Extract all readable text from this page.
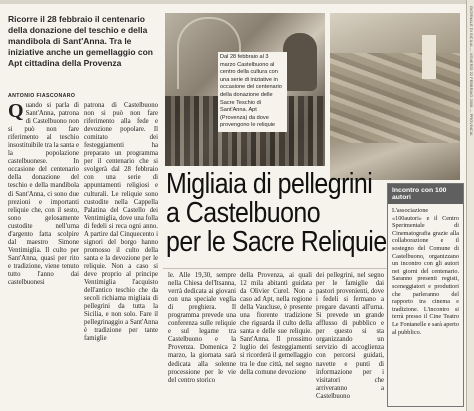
GIORNALE DI SICILIA — VENERDÌ 22 FEBBRAIO 2008 — PROVINCIA
Ricorre il 28 febbraio il centenario della donazione del teschio e della mandibola di Sant'Anna. Tra le iniziative anche un gemellaggio con Apt cittadina della Provenza
Dal 28 febbraio al 3 marzo Castelbuono al centro della cultura con una serie di iniziative in occasione del centenario della donazione delle Sacre Teschio di Sant'Anna. Apt (Provenza) da dove provengono le reliquie
ANTONIO FIASCONARO
Quando si parla di Sant'Anna, patrona di Castelbuono non si può non fare riferimento al teschio insostituibile tra la santa e la popolazione castelbuonese. In occasione del centenario della donazione del teschio e della mandibola di Sant'Anna, ci sono due prezioni e importanti reliquie che, con il sesto, sono gelosamente custodite nell'urna d'argento fatta scolpire dal maestro Simone Ventimiglia. Il culto per Sant'Anna, quasi per rito e tradizione, viene tenuto tutto l'anno dai castelbuonesi
patrona di Castelbuono non si può non fare riferimento alla fede e devozione popolare. Il comitato dei festeggiamenti ha preparato un programma per il centenario che si svolgerà dal 28 febbraio con una serie di appuntamenti religiosi e culturali. Le reliquie sono custodite nella Cappella Palatina del Castello dei Ventimiglia, dove una folla di fedeli si reca ogni anno. A partire dal Cinquecento i signori del borgo hanno promosso il culto della santa e la devozione per le reliquie. Non a caso si deve proprio al principe Ventimiglia l'acquisto dell'antico teschio che da secoli richiama migliaia di pellegrini da tutta la Sicilia, e non solo. Fare il pellegrinaggio a Sant'Anna è tradizione per tante famiglie
Migliaia di pellegrini
a Castelbuono
per le Sacre Reliquie
le. Alle 19,30, sempre nella Chiesa del'Itsanna, verrà dedicata ai giovani con una speciale veglia di preghiera. Il programma prevede una conferenza sulle reliquie e sul legame tra Castelbuono e la Provenza. Domenica 2 marzo, la giornata sarà dedicata alla solenne processione per le vie del centro storico
della Provenza, ai quali 12 mila abitanti guidata da Olivier Curel. Non a caso ad Apt, nella regione della Vaucluse, è presente una fiorente tradizione che riguarda il culto della santa e delle sue reliquie. Sant'Anna. Il prossimo luglio dei festeggiamenti si ricorderà il gemellaggio tra le due città, nel segno della comune devozione
dei pellegrini, nel segno per le famiglie dai pastori provenienti, dove i fedeli si fermano a pregare davanti all'urna. Si prevede un grande afflusso di pubblico e per questo si sta organizzando un servizio di accoglienza con percorsi guidati, navette e punti di informazione per i visitatori che arriveranno a Castelbuono
Incontro con 100 autori
L'associazione «100autori» e il Centro Sperimentale di Cinematografia grazie alla collaborazione e il sostegno del Comune di Castelbuono, organizzano un incontro con gli autori nei giorni del centenario. Saranno presenti registi, sceneggiatori e produttori che parleranno del rapporto tra cinema e tradizione. L'incontro si terrà presso il Cine Teatro Le Fontanelle e sarà aperto al pubblico.
